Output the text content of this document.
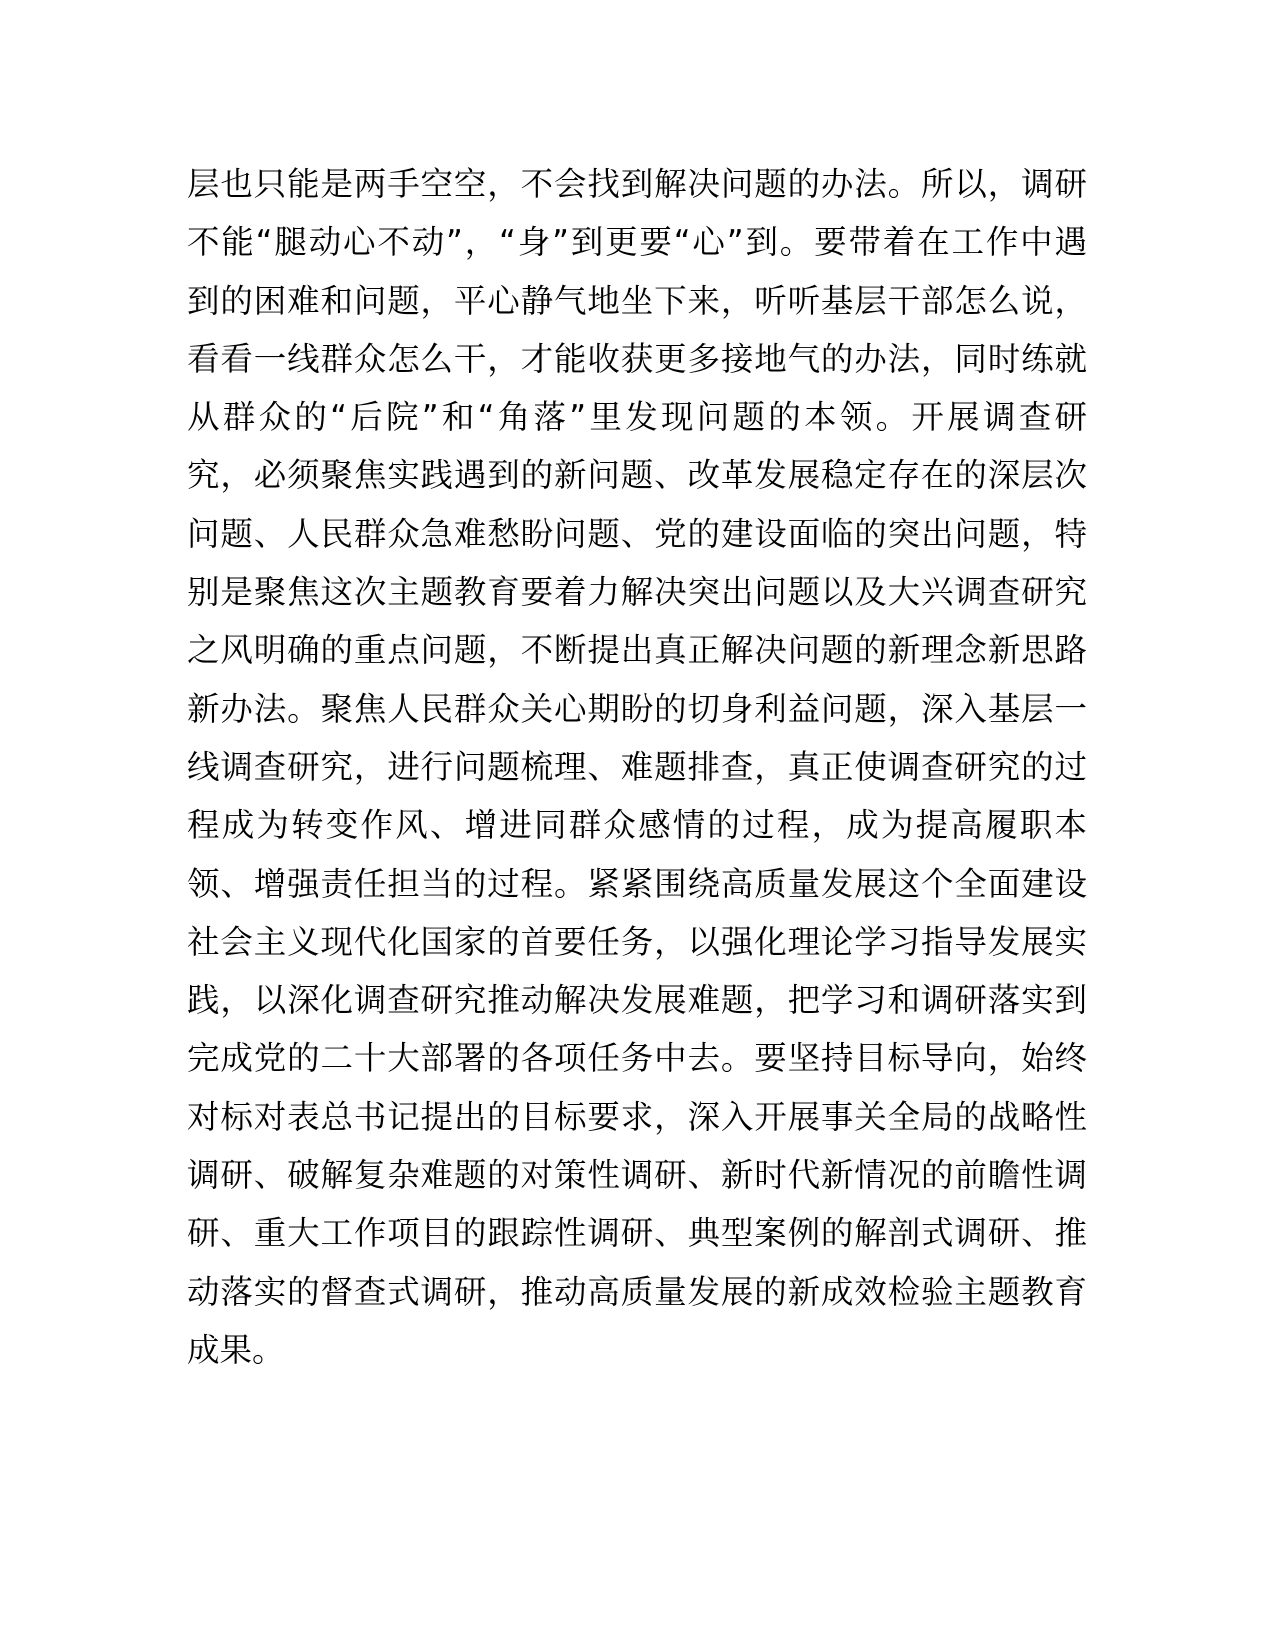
层也只能是两手空空，不会找到解决问题的办法。所以，调研
不能“腿动心不动”，“身”到更要“心”到。要带着在工作中遇
到的困难和问题，平心静气地坐下来，听听基层干部怎么说，
看看一线群众怎么干，才能收获更多接地气的办法，同时练就
从群众的“后院”和“角落”里发现问题的本领。开展调查研
究，必须聚焦实践遇到的新问题、改革发展稳定存在的深层次
问题、人民群众急难愁盼问题、党的建设面临的突出问题，特
别是聚焦这次主题教育要着力解决突出问题以及大兴调查研究
之风明确的重点问题，不断提出真正解决问题的新理念新思路
新办法。聚焦人民群众关心期盼的切身利益问题，深入基层一
线调查研究，进行问题梳理、难题排查，真正使调查研究的过
程成为转变作风、增进同群众感情的过程，成为提高履职本
领、增强责任担当的过程。紧紧围绕高质量发展这个全面建设
社会主义现代化国家的首要任务，以强化理论学习指导发展实
践，以深化调查研究推动解决发展难题，把学习和调研落实到
完成党的二十大部署的各项任务中去。要坚持目标导向，始终
对标对表总书记提出的目标要求，深入开展事关全局的战略性
调研、破解复杂难题的对策性调研、新时代新情况的前瞻性调
研、重大工作项目的跟踪性调研、典型案例的解剖式调研、推
动落实的督查式调研，推动高质量发展的新成效检验主题教育
成果。
